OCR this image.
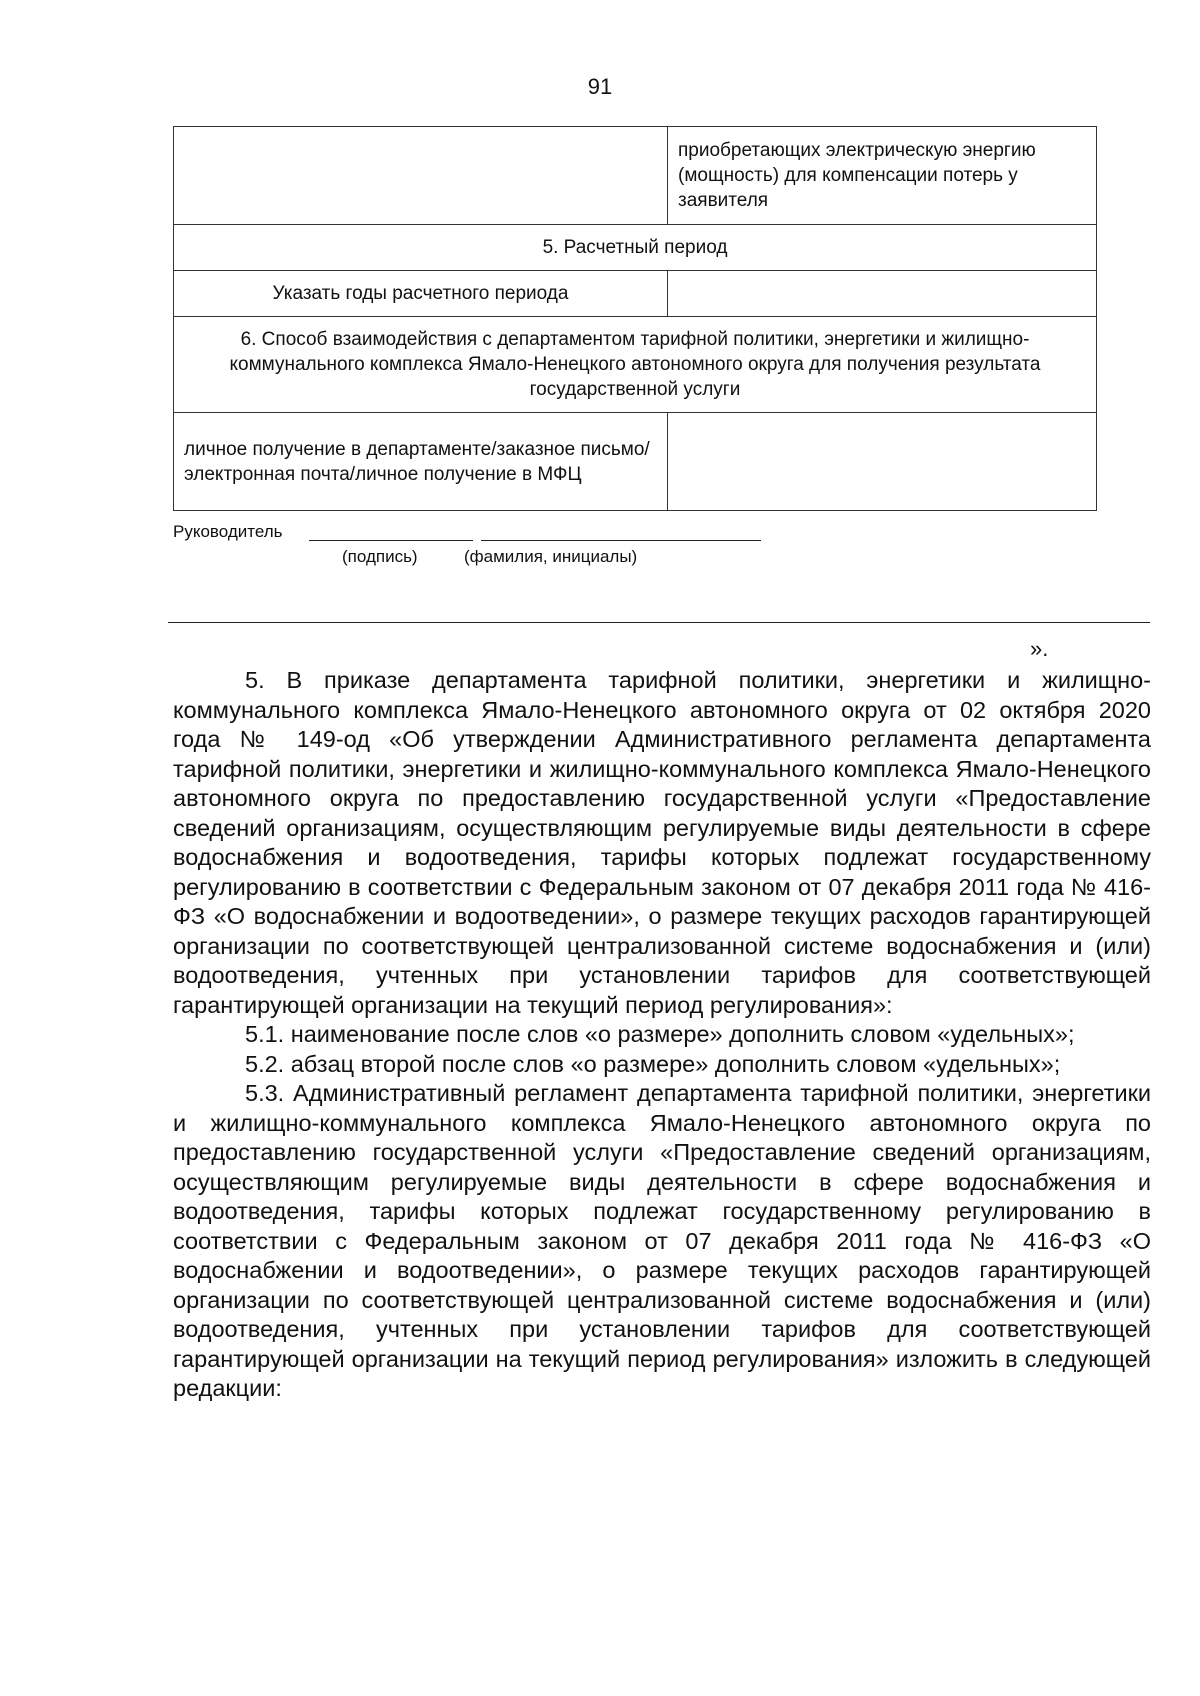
91
	приобретающих электрическую энергию (мощность) для компенсации потерь у заявителя
5. Расчетный период	
Указать годы расчетного периода	
6. Способ взаимодействия с департаментом тарифной политики, энергетики и жилищно-коммунального комплекса Ямало-Ненецкого автономного округа для получения результата государственной услуги	
личное получение в департаменте/заказное письмо/электронная почта/личное получение в МФЦ	
Руководитель
(подпись)	(фамилия, инициалы)
».

5. В приказе департамента тарифной политики, энергетики и жилищно-коммунального комплекса Ямало-Ненецкого автономного округа от 02 октября 2020 года № 149-од «Об утверждении Административного регламента департамента тарифной политики, энергетики и жилищно-коммунального комплекса Ямало-Ненецкого автономного округа по предоставлению государственной услуги «Предоставление сведений организациям, осуществляющим регулируемые виды деятельности в сфере водоснабжения и водоотведения, тарифы которых подлежат государственному регулированию в соответствии с Федеральным законом от 07 декабря 2011 года № 416-ФЗ «О водоснабжении и водоотведении», о размере текущих расходов гарантирующей организации по соответствующей централизованной системе водоснабжения и (или) водоотведения, учтенных при установлении тарифов для соответствующей гарантирующей организации на текущий период регулирования»:

5.1. наименование после слов «о размере» дополнить словом «удельных»;

5.2. абзац второй после слов «о размере» дополнить словом «удельных»;

5.3. Административный регламент департамента тарифной политики, энергетики и жилищно-коммунального комплекса Ямало-Ненецкого автономного округа по предоставлению государственной услуги «Предоставление сведений организациям, осуществляющим регулируемые виды деятельности в сфере водоснабжения и водоотведения, тарифы которых подлежат государственному регулированию в соответствии с Федеральным законом от 07 декабря 2011 года № 416-ФЗ «О водоснабжении и водоотведении», о размере текущих расходов гарантирующей организации по соответствующей централизованной системе водоснабжения и (или) водоотведения, учтенных при установлении тарифов для соответствующей гарантирующей организации на текущий период регулирования» изложить в следующей редакции:
